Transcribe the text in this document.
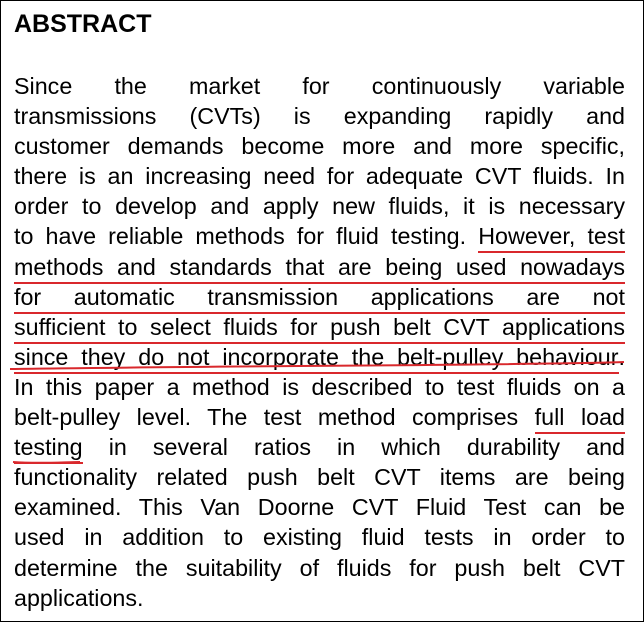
ABSTRACT
Since the market for continuously variable
transmissions (CVTs) is expanding rapidly and
customer demands become more and more specific,
there is an increasing need for adequate CVT fluids. In
order to develop and apply new fluids, it is necessary
to have reliable methods for fluid testing. However, test
methods and standards that are being used nowadays
for automatic transmission applications are not
sufficient to select fluids for push belt CVT applications
since they do not incorporate the belt-pulley behaviour.
In this paper a method is described to test fluids on a
belt-pulley level. The test method comprises full load
testing in several ratios in which durability and
functionality related push belt CVT items are being
examined. This Van Doorne CVT Fluid Test can be
used in addition to existing fluid tests in order to
determine the suitability of fluids for push belt CVT
applications.
